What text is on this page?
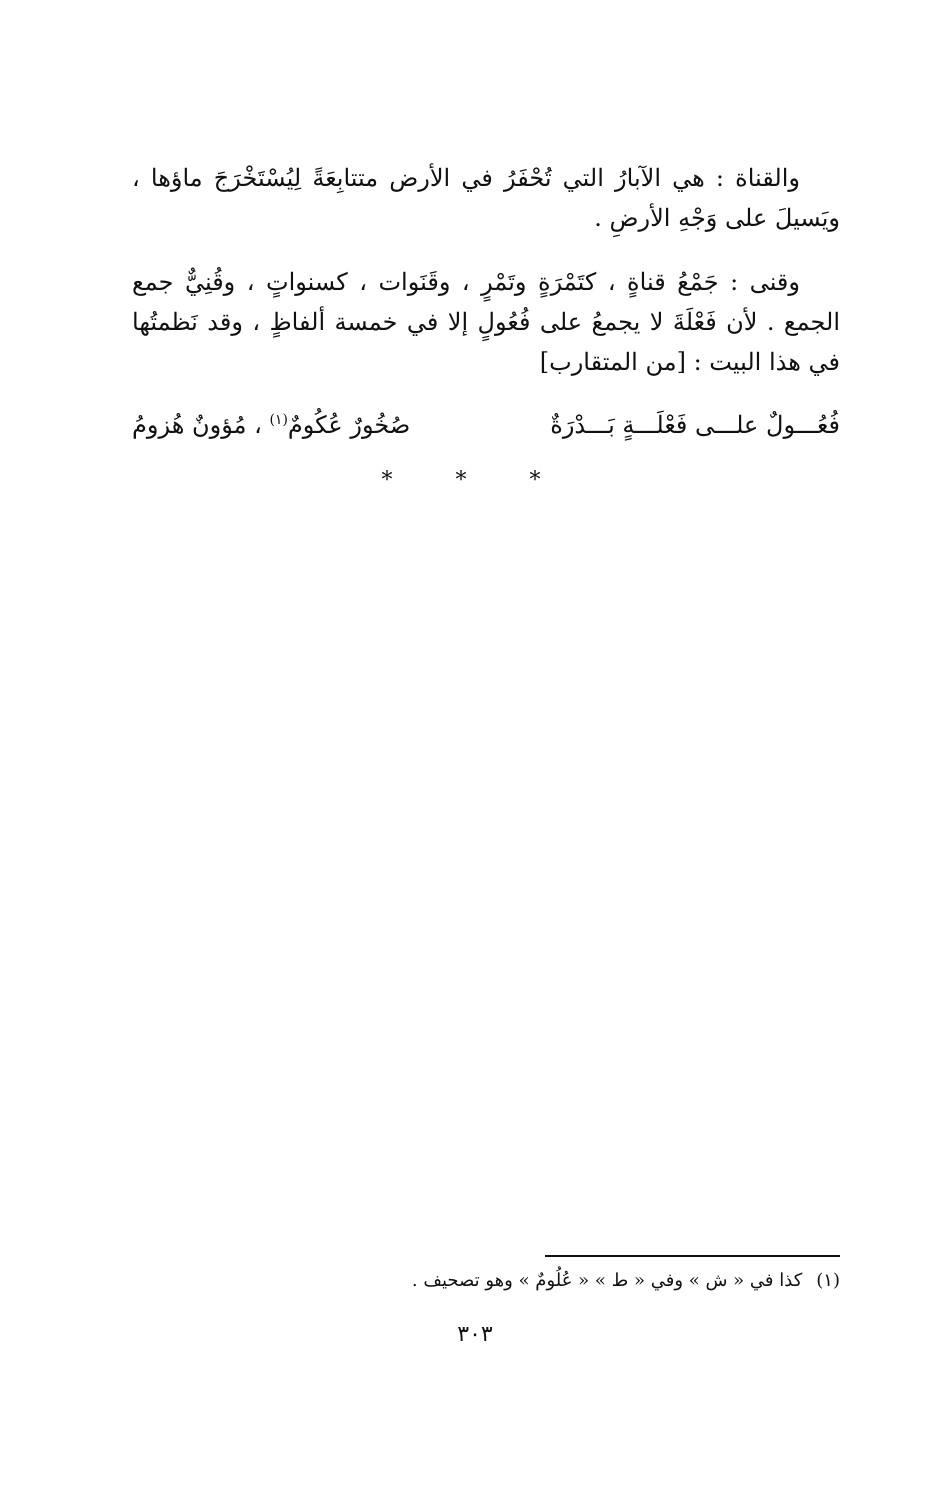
والقناة : هي الآبارُ التي تُحْفَرُ في الأرض متتابِعَةً لِيُسْتَخْرَجَ ماؤها ، ويَسيلَ على وَجْهِ الأرضِ .

وقنى : جَمْعُ قناةٍ ، كتَمْرَةٍ وتَمْرٍ ، وقَنَوات ، كسنواتٍ ، وقُنِيٌّ جمع الجمع . لأن فَعْلَةَ لا يجمعُ على فُعُولٍ إلا في خمسة ألفاظٍ ، وقد نَظمتُها في هذا البيت : [من المتقارب]

فُعُـــولٌ علـــى فَعْلَـــةٍ بَـــدْرَةٌ
صُخُورٌ عُكُومٌ$^{(١)}$ ، مُؤونٌ هُزومُ
* * *
(١)كذا في « ش » وفي « ط » « عُلُومٌ » وهو تصحيف .
٣٠٣
